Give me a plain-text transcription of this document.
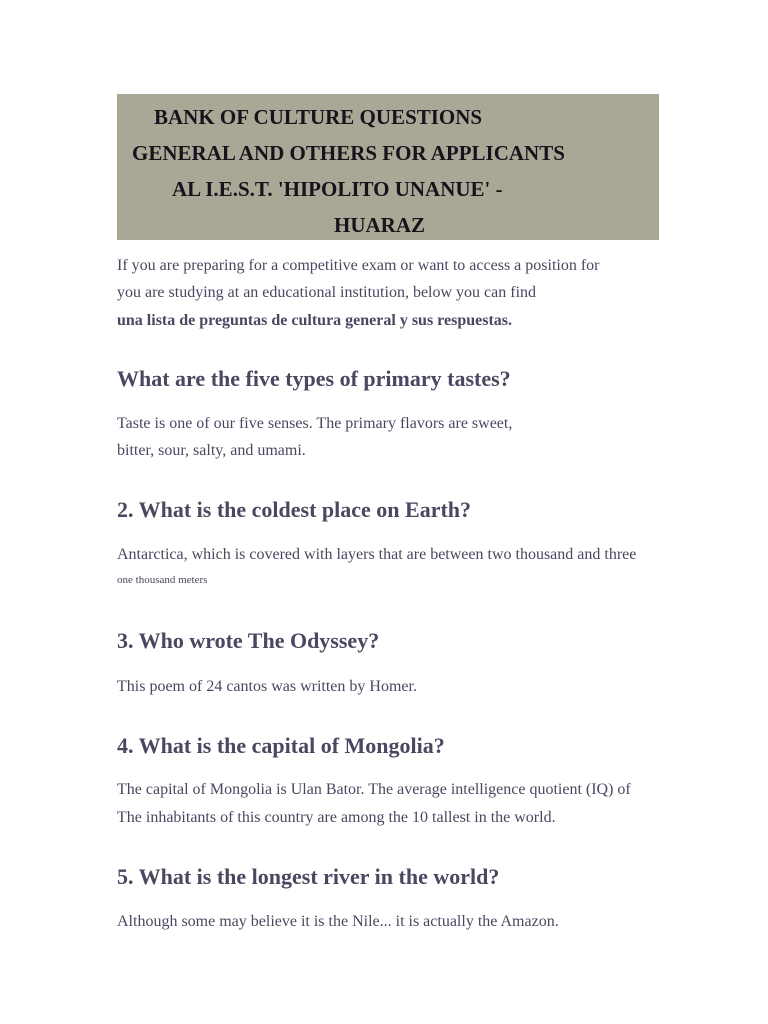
BANK OF CULTURE QUESTIONS

GENERAL AND OTHERS FOR APPLICANTS

AL I.E.S.T. 'HIPOLITO UNANUE' -

HUARAZ

If you are preparing for a competitive exam or want to access a position for

you are studying at an educational institution, below you can find

una lista de preguntas de cultura general y sus respuestas.

What are the five types of primary tastes?

Taste is one of our five senses. The primary flavors are sweet,

bitter, sour, salty, and umami.

2. What is the coldest place on Earth?

Antarctica, which is covered with layers that are between two thousand and three

one thousand meters

3. Who wrote The Odyssey?

This poem of 24 cantos was written by Homer.

4. What is the capital of Mongolia?

The capital of Mongolia is Ulan Bator. The average intelligence quotient (IQ) of

The inhabitants of this country are among the 10 tallest in the world.

5. What is the longest river in the world?

Although some may believe it is the Nile... it is actually the Amazon.
